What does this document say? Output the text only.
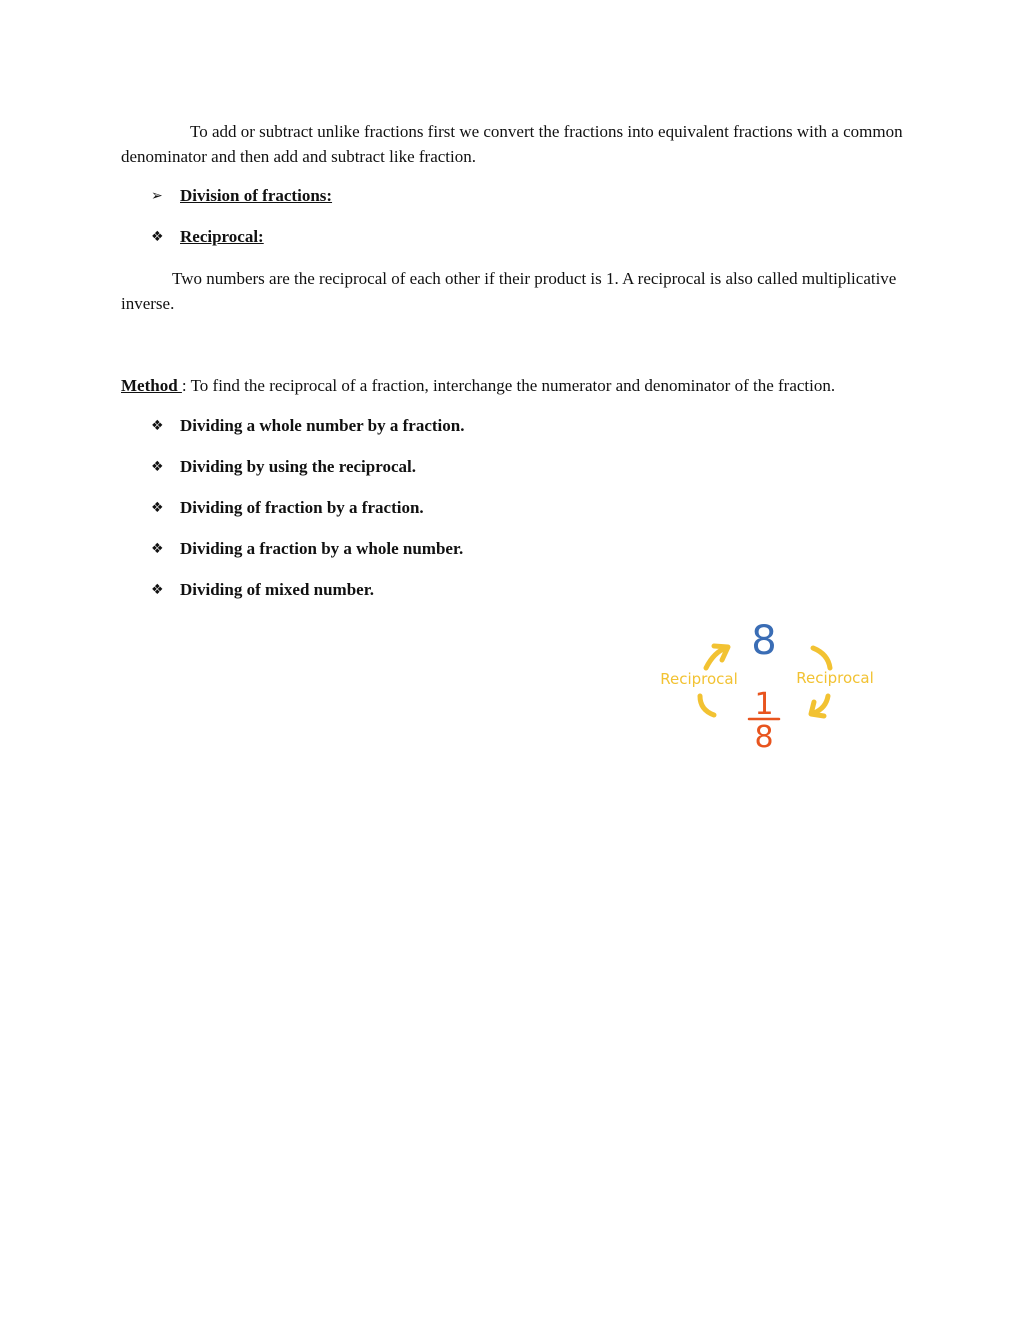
To add or subtract unlike fractions first we convert the fractions into equivalent fractions with a common denominator and then add and subtract like fraction.

➢ Division of fractions:
❖ Reciprocal:

Two numbers are the reciprocal of each other if their product is 1. A reciprocal is also called multiplicative inverse.

Method : To find the reciprocal of a fraction, interchange the numerator and denominator of the fraction.

❖ Dividing a whole number by a fraction.
❖ Dividing by using the reciprocal.
❖ Dividing of fraction by a fraction.
❖ Dividing a fraction by a whole number.
❖ Dividing of mixed number.
8
1
8
Reciprocal	Reciprocal
